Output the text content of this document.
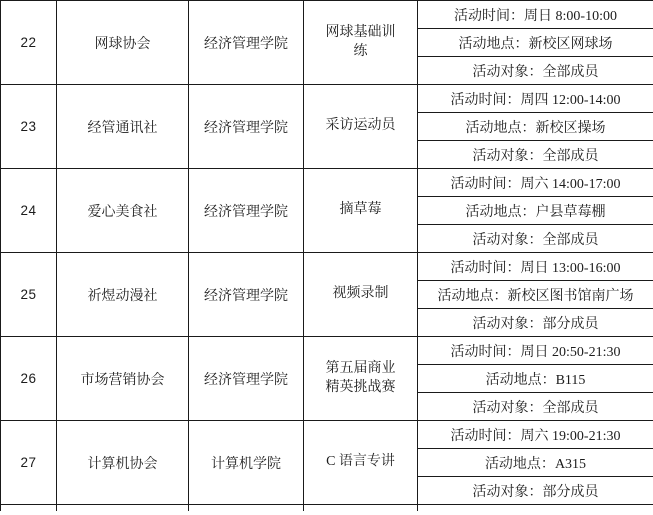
22	网球协会	经济管理学院	网球基础训练	活动时间：周日 8:00-10:00
				活动地点：新校区网球场
				活动对象：全部成员
23	经管通讯社	经济管理学院	采访运动员	活动时间：周四 12:00-14:00
				活动地点：新校区操场
				活动对象：全部成员
24	爱心美食社	经济管理学院	摘草莓	活动时间：周六 14:00-17:00
				活动地点：户县草莓棚
				活动对象：全部成员
25	祈煜动漫社	经济管理学院	视频录制	活动时间：周日 13:00-16:00
				活动地点：新校区图书馆南广场
				活动对象：部分成员
26	市场营销协会	经济管理学院	第五届商业精英挑战赛	活动时间：周日 20:50-21:30
				活动地点：B115
				活动对象：全部成员
27	计算机协会	计算机学院	C 语言专讲	活动时间：周六 19:00-21:30
				活动地点：A315
				活动对象：部分成员
